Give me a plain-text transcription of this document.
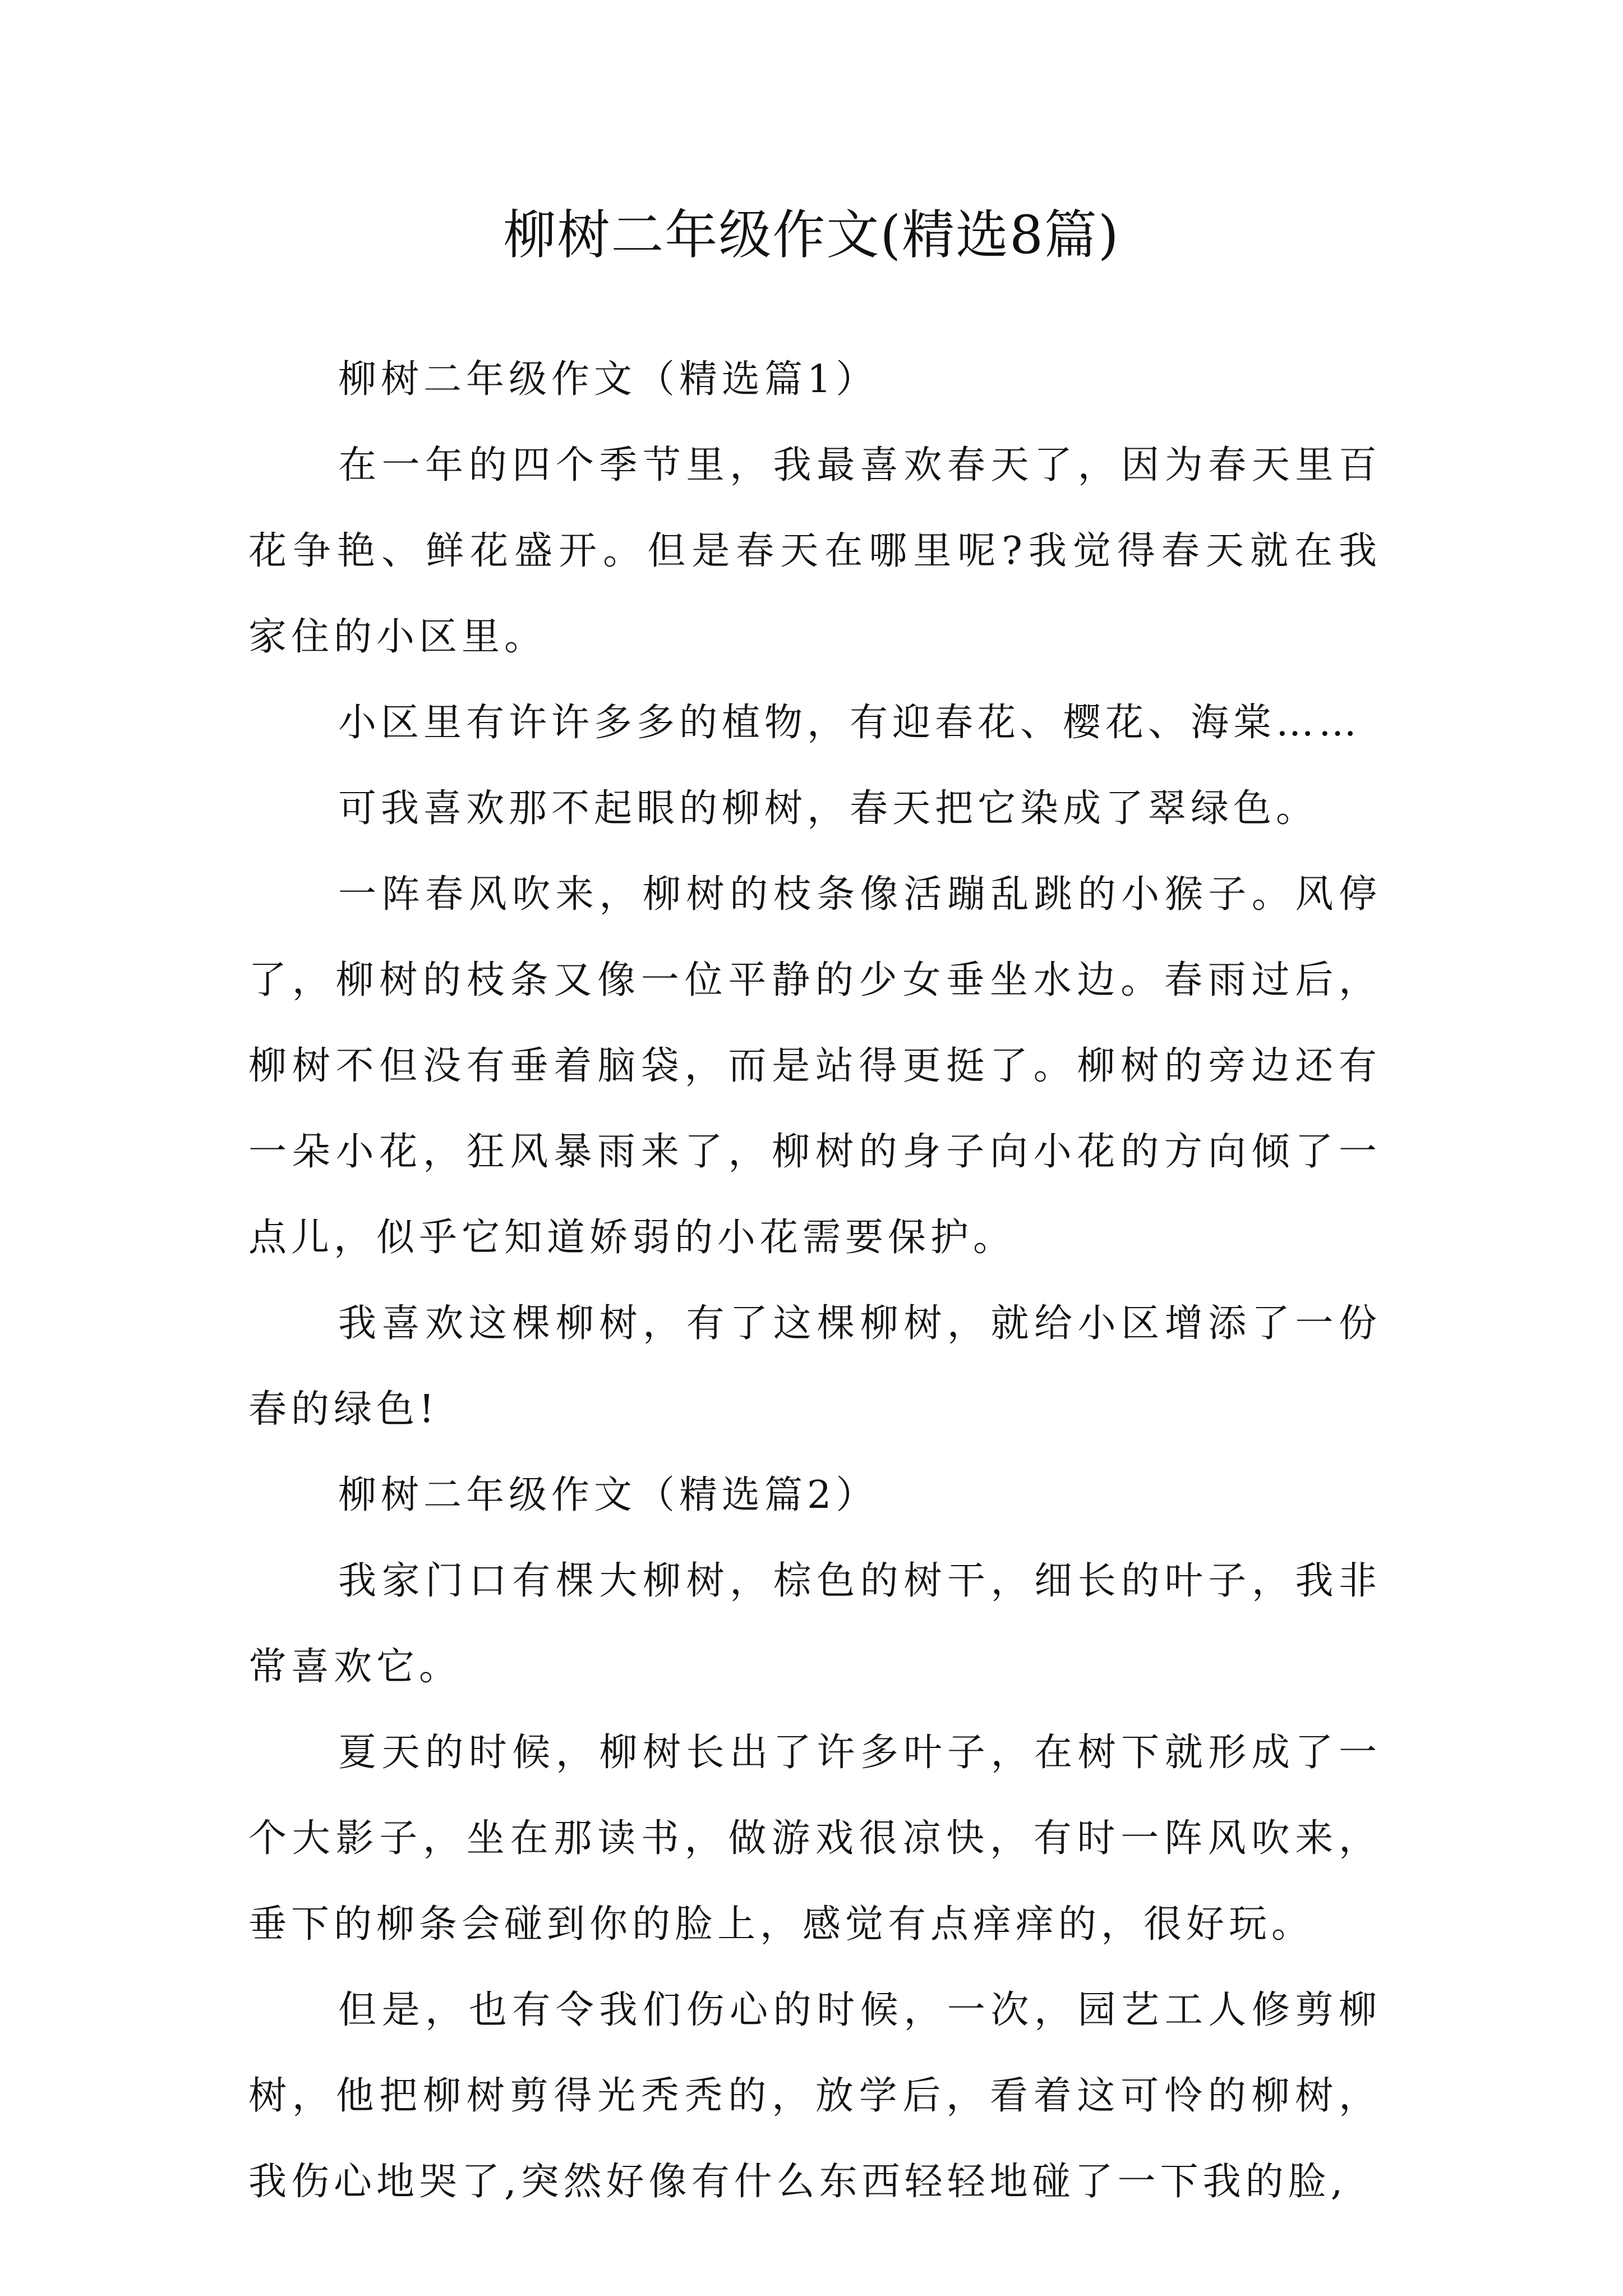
柳树二年级作文(精选8篇)

柳树二年级作文（精选篇1）

在一年的四个季节里，我最喜欢春天了，因为春天里百花争艳、鲜花盛开。但是春天在哪里呢?我觉得春天就在我家住的小区里。

小区里有许许多多的植物，有迎春花、樱花、海棠……

可我喜欢那不起眼的柳树，春天把它染成了翠绿色。

一阵春风吹来，柳树的枝条像活蹦乱跳的小猴子。风停了，柳树的枝条又像一位平静的少女垂坐水边。春雨过后，柳树不但没有垂着脑袋，而是站得更挺了。柳树的旁边还有一朵小花，狂风暴雨来了，柳树的身子向小花的方向倾了一点儿，似乎它知道娇弱的小花需要保护。

我喜欢这棵柳树，有了这棵柳树，就给小区增添了一份春的绿色!

柳树二年级作文（精选篇2）

我家门口有棵大柳树，棕色的树干，细长的叶子，我非常喜欢它。

夏天的时候，柳树长出了许多叶子，在树下就形成了一个大影子，坐在那读书，做游戏很凉快，有时一阵风吹来，垂下的柳条会碰到你的脸上，感觉有点痒痒的，很好玩。

但是，也有令我们伤心的时候，一次，园艺工人修剪柳树，他把柳树剪得光秃秃的，放学后，看着这可怜的柳树，我伤心地哭了,突然好像有什么东西轻轻地碰了一下我的脸,
